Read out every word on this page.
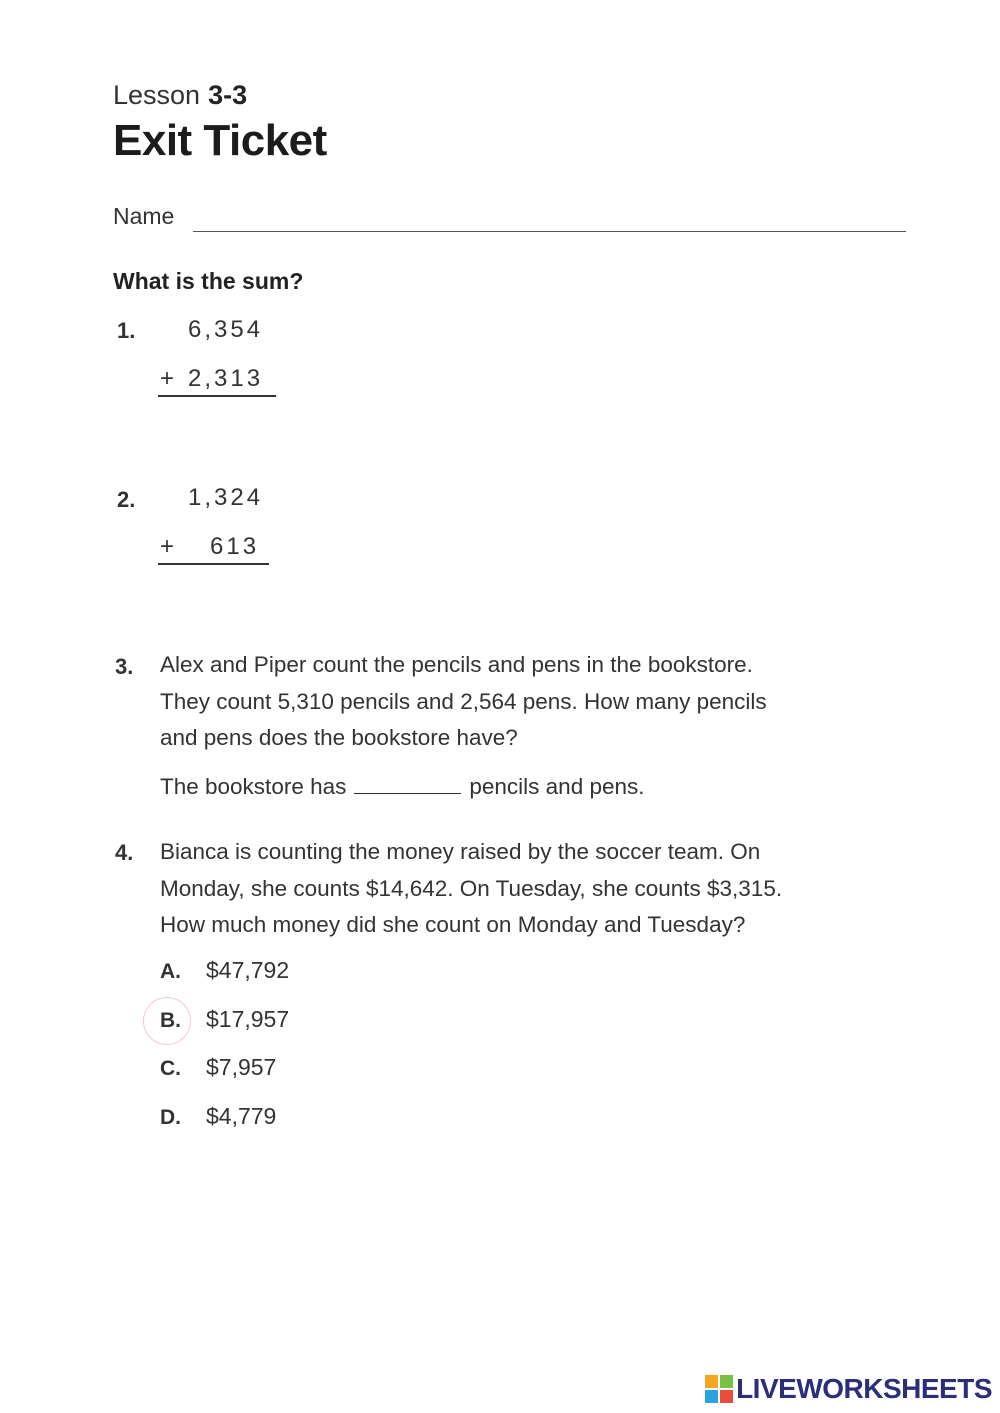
Lesson 3-3
Exit Ticket
Name
What is the sum?
1. 6,354
+ 2,313
2. 1,324
+ 613
3. Alex and Piper count the pencils and pens in the bookstore.
They count 5,310 pencils and 2,564 pens. How many pencils
and pens does the bookstore have?
The bookstore has	pencils and pens.
4. Bianca is counting the money raised by the soccer team. On
Monday, she counts $14,642. On Tuesday, she counts $3,315.
How much money did she count on Monday and Tuesday?
A.	$47,792
B.	$17,957
C.	$7,957
D.	$4,779
LIVEWORKSHEETS
